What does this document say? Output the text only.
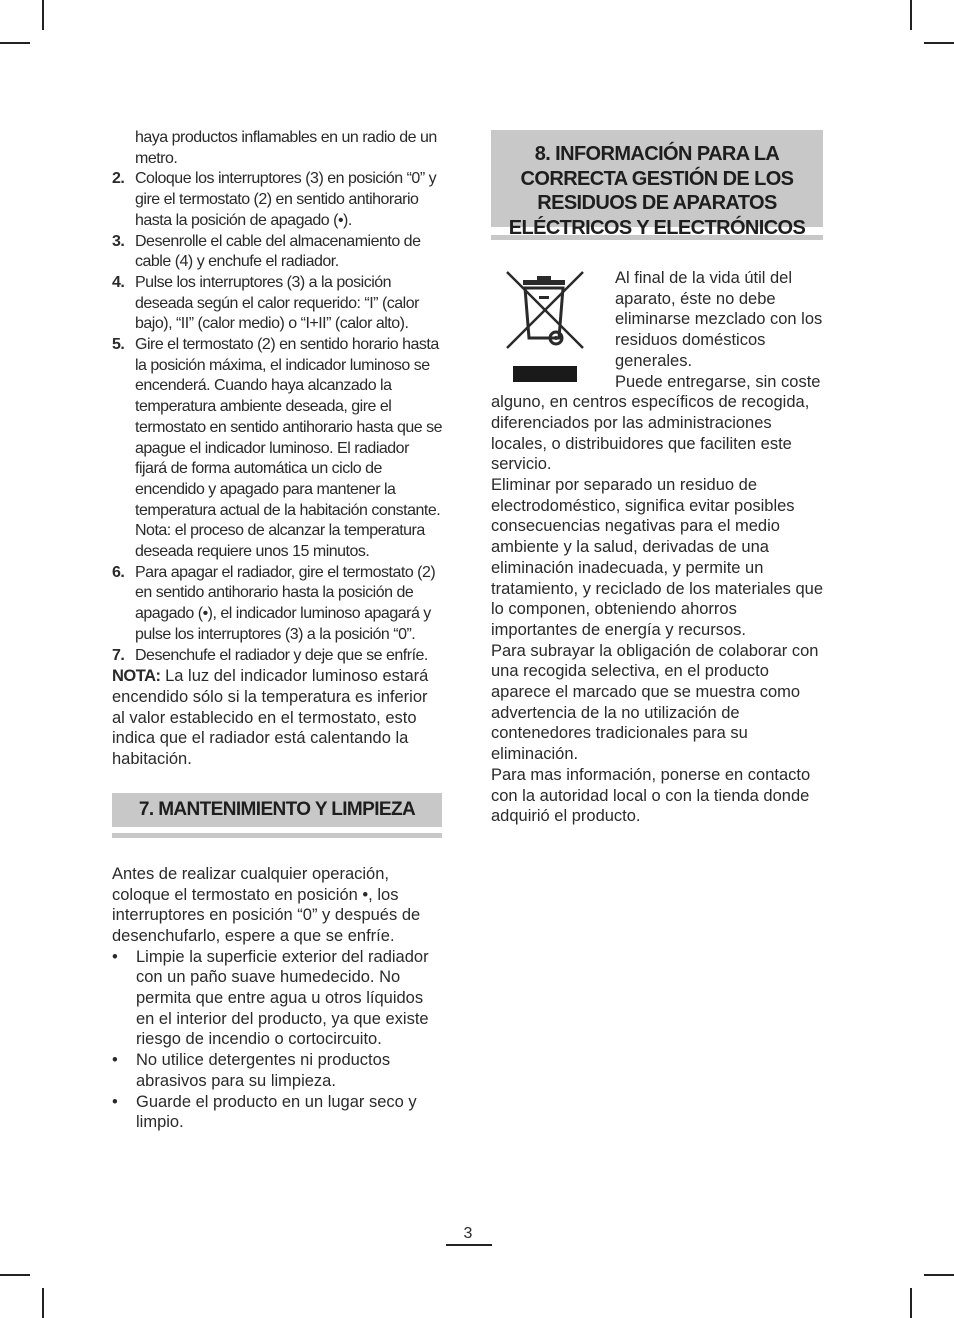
haya productos inflamables en un radio de un metro.
2. Coloque los interruptores (3) en posición “0” y gire el termostato (2) en sentido antihorario hasta la posición de apagado (•).
3. Desenrolle el cable del almacenamiento de cable (4) y enchufe el radiador.
4. Pulse los interruptores (3) a la posición deseada según el calor requerido: “I” (calor bajo), “II” (calor medio) o “I+II” (calor alto).
5. Gire el termostato (2) en sentido horario hasta la posición máxima, el indicador luminoso se encenderá. Cuando haya alcanzado la temperatura ambiente deseada, gire el termostato en sentido antihorario hasta que se apague el indicador luminoso. El radiador fijará de forma automática un ciclo de encendido y apagado para mantener la temperatura actual de la habitación constante. Nota: el proceso de alcanzar la temperatura deseada requiere unos 15 minutos.
6. Para apagar el radiador, gire el termostato (2) en sentido antihorario hasta la posición de apagado (•), el indicador luminoso apagará y pulse los interruptores (3) a la posición “0”.
7. Desenchufe el radiador y deje que se enfríe.
NOTA: La luz del indicador luminoso estará encendido sólo si la temperatura es inferior al valor establecido en el termostato, esto indica que el radiador está calentando la habitación.
7. MANTENIMIENTO Y LIMPIEZA
Antes de realizar cualquier operación, coloque el termostato en posición •, los interruptores en posición “0” y después de desenchufarlo, espere a que se enfríe.
•	Limpie la superficie exterior del radiador con un paño suave humedecido. No permita que entre agua u otros líquidos en el interior del producto, ya que existe riesgo de incendio o cortocircuito.
•	No utilice detergentes ni productos abrasivos para su limpieza.
•	Guarde el producto en un lugar seco y limpio.
8. INFORMACIÓN PARA LA CORRECTA GESTIÓN DE LOS RESIDUOS DE APARATOS ELÉCTRICOS Y ELECTRÓNICOS
Al final de la vida útil del aparato, éste no debe eliminarse mezclado con los residuos domésticos generales.
Puede entregarse, sin coste alguno, en centros específicos de recogida, diferenciados por las administraciones locales, o distribuidores que faciliten este servicio.
Eliminar por separado un residuo de electrodoméstico, significa evitar posibles consecuencias negativas para el medio ambiente y la salud, derivadas de una eliminación inadecuada, y permite un tratamiento, y reciclado de los materiales que lo componen, obteniendo ahorros importantes de energía y recursos.
Para subrayar la obligación de colaborar con una recogida selectiva, en el producto aparece el marcado que se muestra como advertencia de la no utilización de contenedores tradicionales para su eliminación.
Para mas información, ponerse en contacto con la autoridad local o con la tienda donde adquirió el producto.
3
